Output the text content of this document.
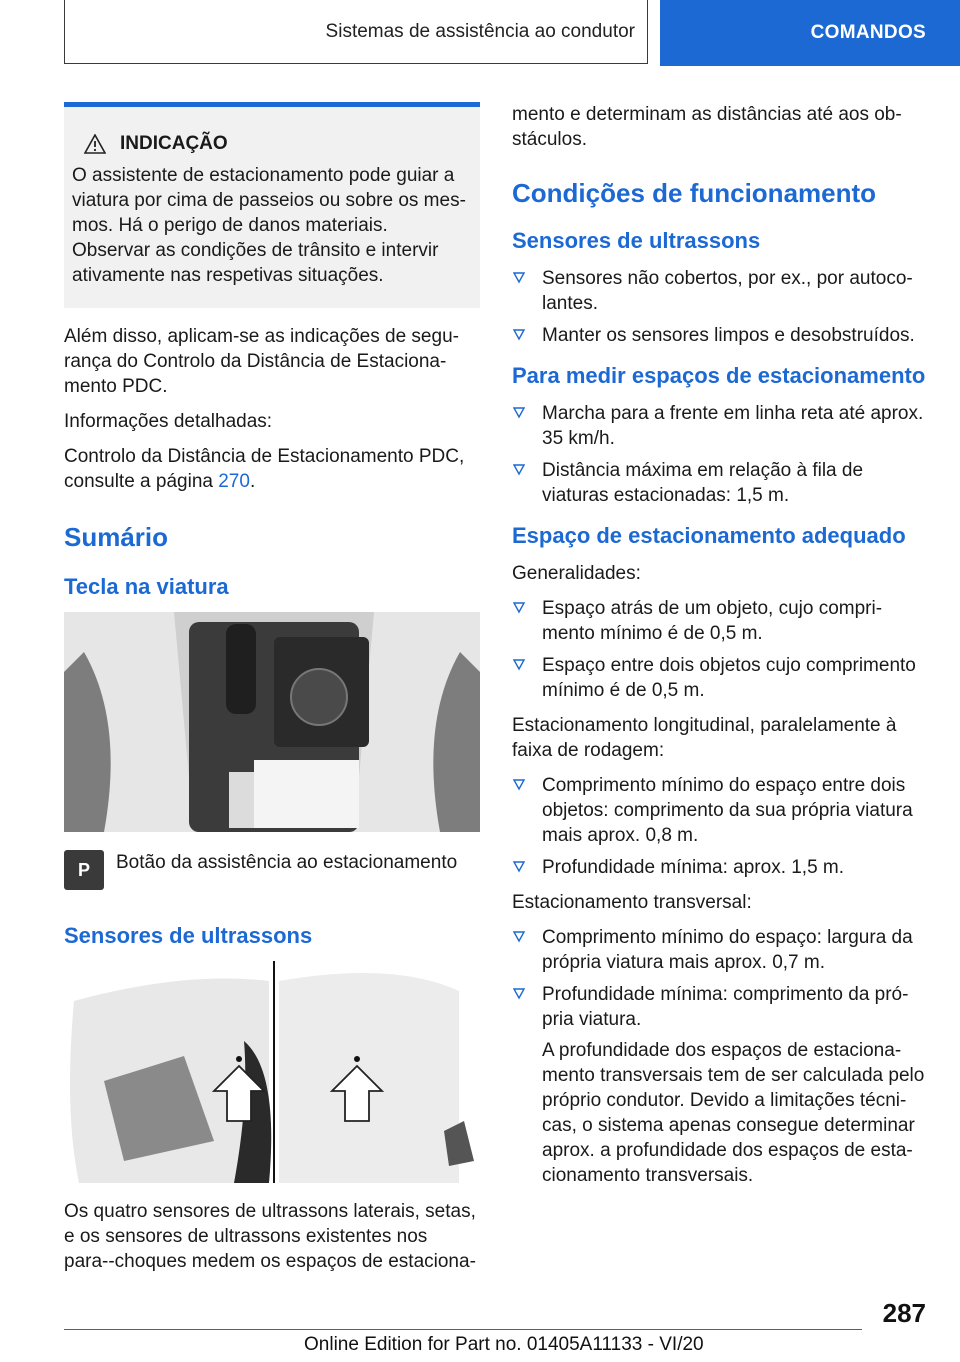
Sistemas de assistência ao condutor	COMANDOS
INDICAÇÃO
O assistente de estacionamento pode guiar a viatura por cima de passeios ou sobre os mes‐mos. Há o perigo de danos materiais. Observar as condições de trânsito e intervir ativamente nas respetivas situações.

Além disso, aplicam-se as indicações de segu‐rança do Controlo da Distância de Estaciona‐mento PDC.

Informações detalhadas:

Controlo da Distância de Estacionamento PDC, consulte a página 270.

Sumário
Tecla na viatura
P	Botão da assistência ao estacionamento

Sensores de ultrassons

Os quatro sensores de ultrassons laterais, setas, e os sensores de ultrassons existentes nos para‐-choques medem os espaços de estaciona‐

mento e determinam as distâncias até aos ob‐stáculos.

Condições de funcionamento
Sensores de ultrassons
Sensores não cobertos, por ex., por autoco‐lantes.
Manter os sensores limpos e desobstruídos.
Para medir espaços de estacionamento
Marcha para a frente em linha reta até aprox. 35 km/h.
Distância máxima em relação à fila de viaturas estacionadas: 1,5 m.
Espaço de estacionamento adequado

Generalidades:

Espaço atrás de um objeto, cujo compri‐mento mínimo é de 0,5 m.
Espaço entre dois objetos cujo comprimento mínimo é de 0,5 m.

Estacionamento longitudinal, paralelamente à faixa de rodagem:

Comprimento mínimo do espaço entre dois objetos: comprimento da sua própria viatura mais aprox. 0,8 m.
Profundidade mínima: aprox. 1,5 m.

Estacionamento transversal:

Comprimento mínimo do espaço: largura da própria viatura mais aprox. 0,7 m.
Profundidade mínima: comprimento da pró‐pria viatura.
A profundidade dos espaços de estaciona‐mento transversais tem de ser calculada pelo próprio condutor. Devido a limitações técni‐cas, o sistema apenas consegue determinar aprox. a profundidade dos espaços de esta‐cionamento transversais.
287
Online Edition for Part no. 01405A11133 - VI/20
